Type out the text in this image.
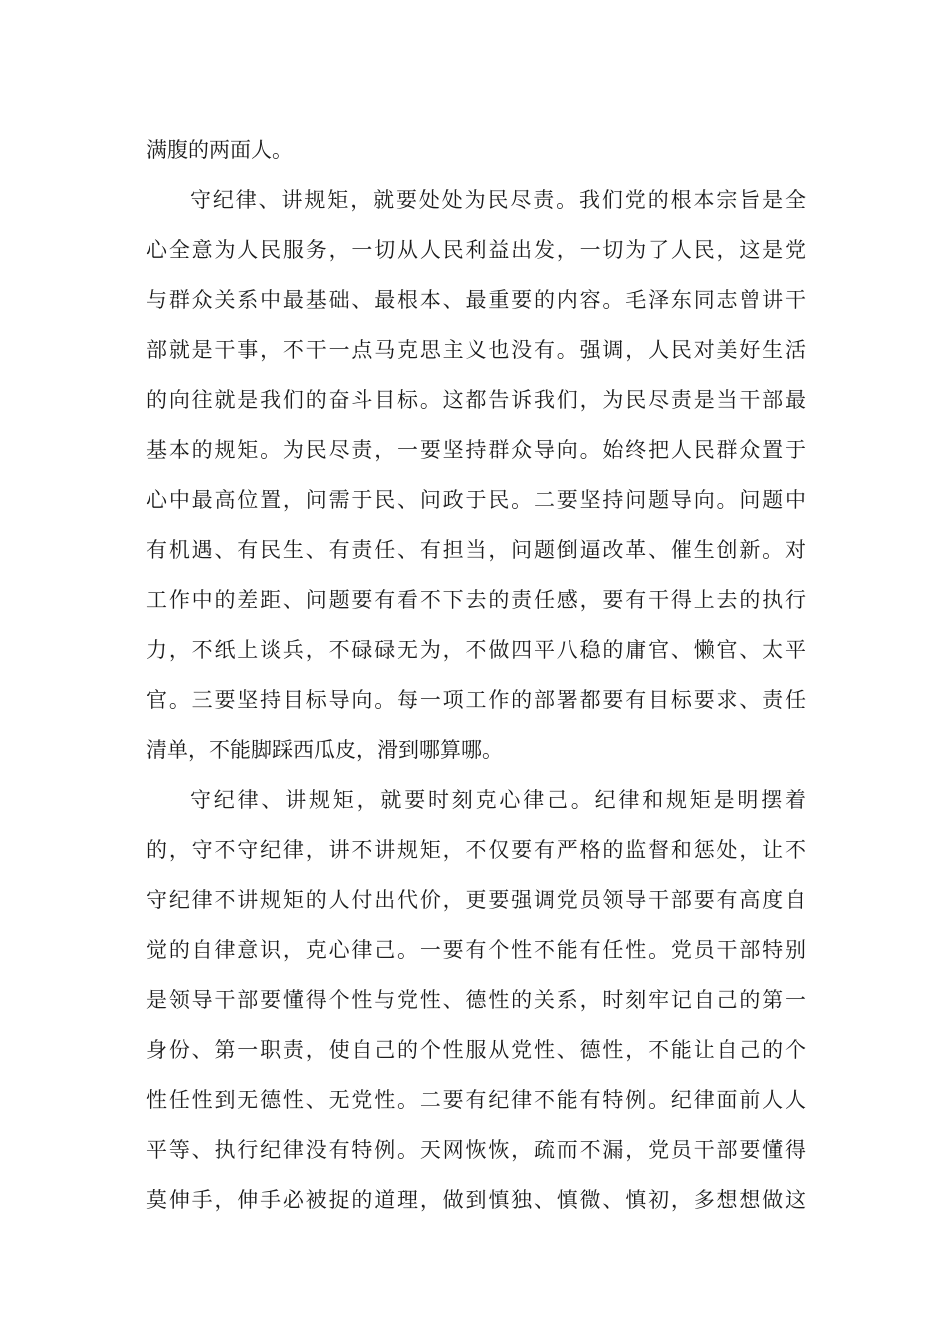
满腹的两面人。
守纪律、讲规矩，就要处处为民尽责。我们党的根本宗旨是全
心全意为人民服务，一切从人民利益出发，一切为了人民，这是党
与群众关系中最基础、最根本、最重要的内容。毛泽东同志曾讲干
部就是干事，不干一点马克思主义也没有。强调，人民对美好生活
的向往就是我们的奋斗目标。这都告诉我们，为民尽责是当干部最
基本的规矩。为民尽责，一要坚持群众导向。始终把人民群众置于
心中最高位置，问需于民、问政于民。二要坚持问题导向。问题中
有机遇、有民生、有责任、有担当，问题倒逼改革、催生创新。对
工作中的差距、问题要有看不下去的责任感，要有干得上去的执行
力，不纸上谈兵，不碌碌无为，不做四平八稳的庸官、懒官、太平
官。三要坚持目标导向。每一项工作的部署都要有目标要求、责任
清单，不能脚踩西瓜皮，滑到哪算哪。
守纪律、讲规矩，就要时刻克心律己。纪律和规矩是明摆着
的，守不守纪律，讲不讲规矩，不仅要有严格的监督和惩处，让不
守纪律不讲规矩的人付出代价，更要强调党员领导干部要有高度自
觉的自律意识，克心律己。一要有个性不能有任性。党员干部特别
是领导干部要懂得个性与党性、德性的关系，时刻牢记自己的第一
身份、第一职责，使自己的个性服从党性、德性，不能让自己的个
性任性到无德性、无党性。二要有纪律不能有特例。纪律面前人人
平等、执行纪律没有特例。天网恢恢，疏而不漏，党员干部要懂得
莫伸手，伸手必被捉的道理，做到慎独、慎微、慎初，多想想做这
